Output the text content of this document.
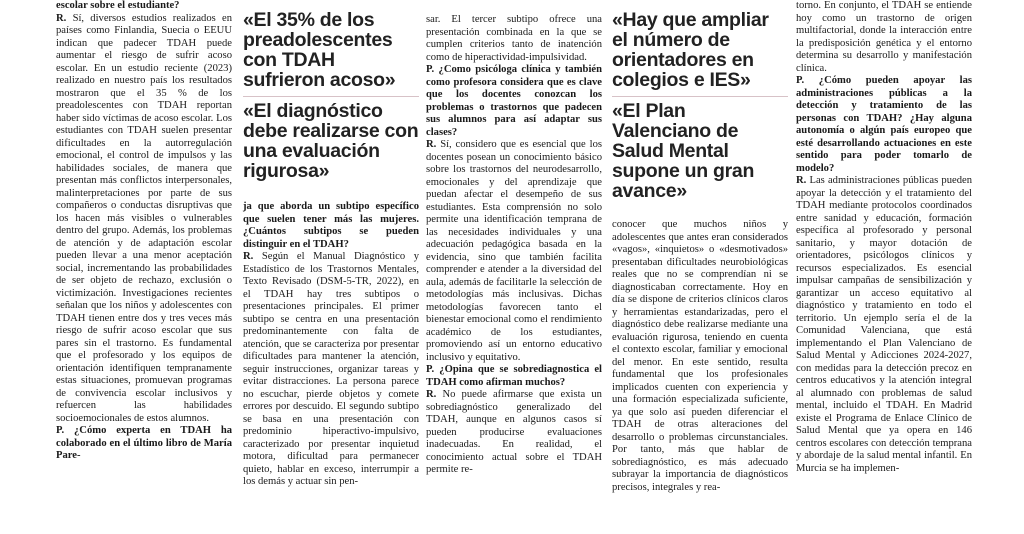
escolar sobre el estudiante?

R. Sí, diversos estudios realizados en países como Finlandia, Suecia o EEUU indican que padecer TDAH puede aumentar el riesgo de sufrir acoso escolar. En un estudio reciente (2023) realizado en nuestro país los resultados mostraron que el 35 % de los preadolescentes con TDAH reportan haber sido víctimas de acoso escolar. Los estudiantes con TDAH suelen presentar dificultades en la autorregulación emocional, el control de impulsos y las habilidades sociales, de manera que presentan más conflictos interpersonales, malinterpretaciones por parte de sus compañeros o conductas disruptivas que los hacen más visibles o vulnerables dentro del grupo. Además, los problemas de atención y de adaptación escolar pueden llevar a una menor aceptación social, incrementando las probabilidades de ser objeto de rechazo, exclusión o victimización. Investigaciones recientes señalan que los niños y adolescentes con TDAH tienen entre dos y tres veces más riesgo de sufrir acoso escolar que sus pares sin el trastorno. Es fundamental que el profesorado y los equipos de orientación identifiquen tempranamente estas situaciones, promuevan programas de convivencia escolar inclusivos y refuercen las habilidades socioemocionales de estos alumnos.

P. ¿Cómo experta en TDAH ha colaborado en el último libro de María Pare-

«El 35% de los preadolescentes con TDAH sufrieron acoso»

«El diagnóstico debe realizarse con una evaluación rigurosa»

ja que aborda un subtipo específico que suelen tener más las mujeres. ¿Cuántos subtipos se pueden distinguir en el TDAH?

R. Según el Manual Diagnóstico y Estadístico de los Trastornos Mentales, Texto Revisado (DSM-5-TR, 2022), en el TDAH hay tres subtipos o presentaciones principales. El primer subtipo se centra en una presentación predominantemente con falta de atención, que se caracteriza por presentar dificultades para mantener la atención, seguir instrucciones, organizar tareas y evitar distracciones. La persona parece no escuchar, pierde objetos y comete errores por descuido. El segundo subtipo se basa en una presentación con predominio hiperactivo-impulsivo, caracterizado por presentar inquietud motora, dificultad para permanecer quieto, hablar en exceso, interrumpir a los demás y actuar sin pen-

sar. El tercer subtipo ofrece una presentación combinada en la que se cumplen criterios tanto de inatención como de hiperactividad-impulsividad.

P. ¿Como psicóloga clínica y también como profesora considera que es clave que los docentes conozcan los problemas o trastornos que padecen sus alumnos para así adaptar sus clases?

R. Sí, considero que es esencial que los docentes posean un conocimiento básico sobre los trastornos del neurodesarrollo, emocionales y del aprendizaje que puedan afectar el desempeño de sus estudiantes. Esta comprensión no solo permite una identificación temprana de las necesidades individuales y una adecuación pedagógica basada en la evidencia, sino que también facilita comprender e atender a la diversidad del aula, además de facilitarle la selección de metodologías más inclusivas. Dichas metodologías favorecen tanto el bienestar emocional como el rendimiento académico de los estudiantes, promoviendo así un entorno educativo inclusivo y equitativo.

P. ¿Opina que se sobrediagnostica el TDAH como afirman muchos?

R. No puede afirmarse que exista un sobrediagnóstico generalizado del TDAH, aunque en algunos casos sí pueden producirse evaluaciones inadecuadas. En realidad, el conocimiento actual sobre el TDAH permite re-

«Hay que ampliar el número de orientadores en colegios e IES»

«El Plan Valenciano de Salud Mental supone un gran avance»

conocer que muchos niños y adolescentes que antes eran considerados «vagos», «inquietos» o «desmotivados» presentaban dificultades neurobiológicas reales que no se comprendían ni se diagnosticaban correctamente. Hoy en día se dispone de criterios clínicos claros y herramientas estandarizadas, pero el diagnóstico debe realizarse mediante una evaluación rigurosa, teniendo en cuenta el contexto escolar, familiar y emocional del menor. En este sentido, resulta fundamental que los profesionales implicados cuenten con experiencia y una formación especializada suficiente, ya que solo así pueden diferenciar el TDAH de otras alteraciones del desarrollo o problemas circunstanciales. Por tanto, más que hablar de sobrediagnóstico, es más adecuado subrayar la importancia de diagnósticos precisos, integrales y rea-

torno. En conjunto, el TDAH se entiende hoy como un trastorno de origen multifactorial, donde la interacción entre la predisposición genética y el entorno determina su desarrollo y manifestación clínica.

P. ¿Cómo pueden apoyar las administraciones públicas a la detección y tratamiento de las personas con TDAH? ¿Hay alguna autonomía o algún país europeo que esté desarrollando actuaciones en este sentido para poder tomarlo de modelo?

R. Las administraciones públicas pueden apoyar la detección y el tratamiento del TDAH mediante protocolos coordinados entre sanidad y educación, formación específica al profesorado y personal sanitario, y mayor dotación de orientadores, psicólogos clínicos y recursos especializados. Es esencial impulsar campañas de sensibilización y garantizar un acceso equitativo al diagnóstico y tratamiento en todo el territorio. Un ejemplo sería el de la Comunidad Valenciana, que está implementando el Plan Valenciano de Salud Mental y Adicciones 2024-2027, con medidas para la detección precoz en centros educativos y la atención integral al alumnado con problemas de salud mental, incluido el TDAH. En Madrid existe el Programa de Enlace Clínico de Salud Mental que ya opera en 146 centros escolares con detección temprana y abordaje de la salud mental infantil. En Murcia se ha implemen-
